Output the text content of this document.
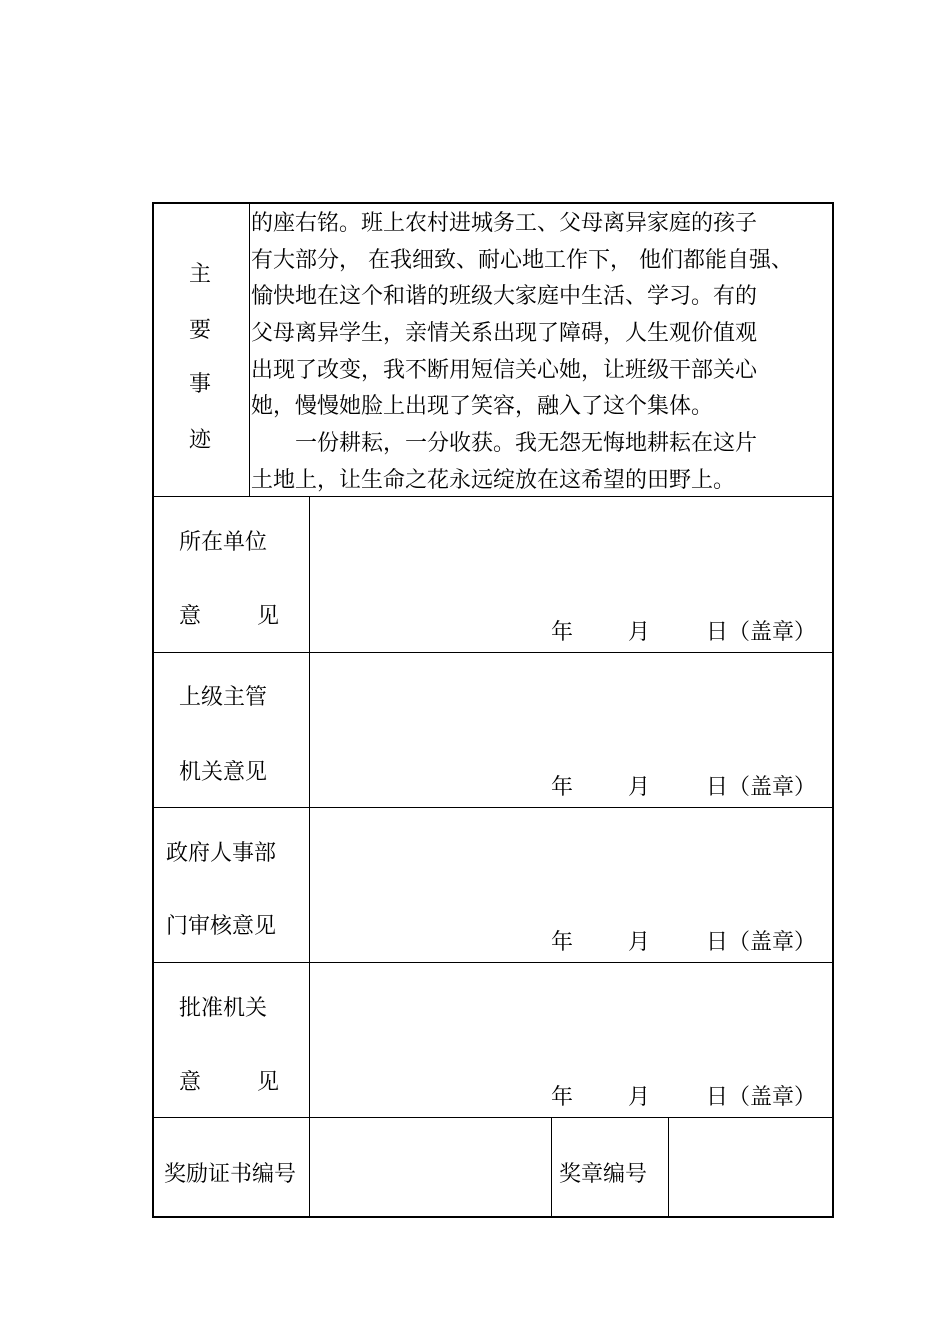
主
要
事
迹
的座右铭。班上农村进城务工、父母离异家庭的孩子
有大部分， 在我细致、耐心地工作下， 他们都能自强、
愉快地在这个和谐的班级大家庭中生活、学习。有的
父母离异学生，亲情关系出现了障碍，人生观价值观
出现了改变，我不断用短信关心她，让班级干部关心
她，慢慢她脸上出现了笑容，融入了这个集体。
　　一份耕耘，一分收获。我无怨无悔地耕耘在这片
土地上，让生命之花永远绽放在这希望的田野上。
所在单位
意	见
年 月	日（盖章）
上级主管
机关意见
年 月	日（盖章）
政府人事部
门审核意见
年 月	日（盖章）
批准机关
意	见
年 月	日（盖章）
奖励证书编号	奖章编号
